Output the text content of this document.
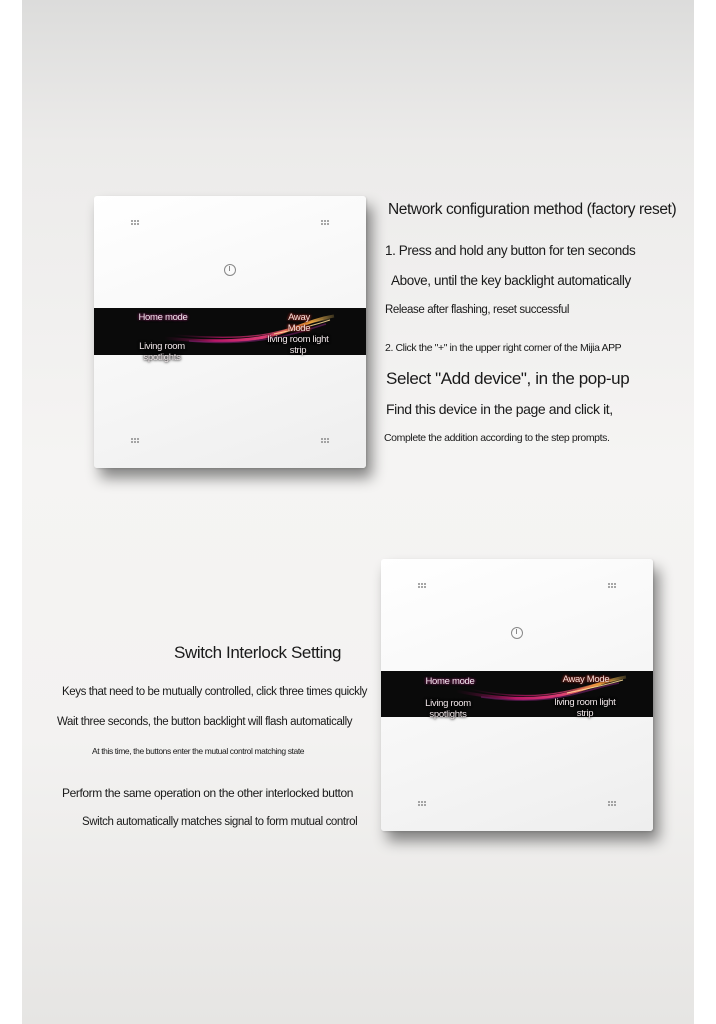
Home mode	Away Mode
Living room spotlights
living room light strip
Network configuration method (factory reset)
1. Press and hold any button for ten seconds
Above, until the key backlight automatically
Release after flashing, reset successful
2. Click the "+" in the upper right corner of the Mijia APP
Select "Add device", in the pop-up
Find this device in the page and click it,
Complete the addition according to the step prompts.
Switch Interlock Setting
Keys that need to be mutually controlled, click three times quickly
Wait three seconds, the button backlight will flash automatically
At this time, the buttons enter the mutual control matching state
Perform the same operation on the other interlocked button
Switch automatically matches signal to form mutual control
Home mode	Away Mode
Living room spotlights
living room light strip
